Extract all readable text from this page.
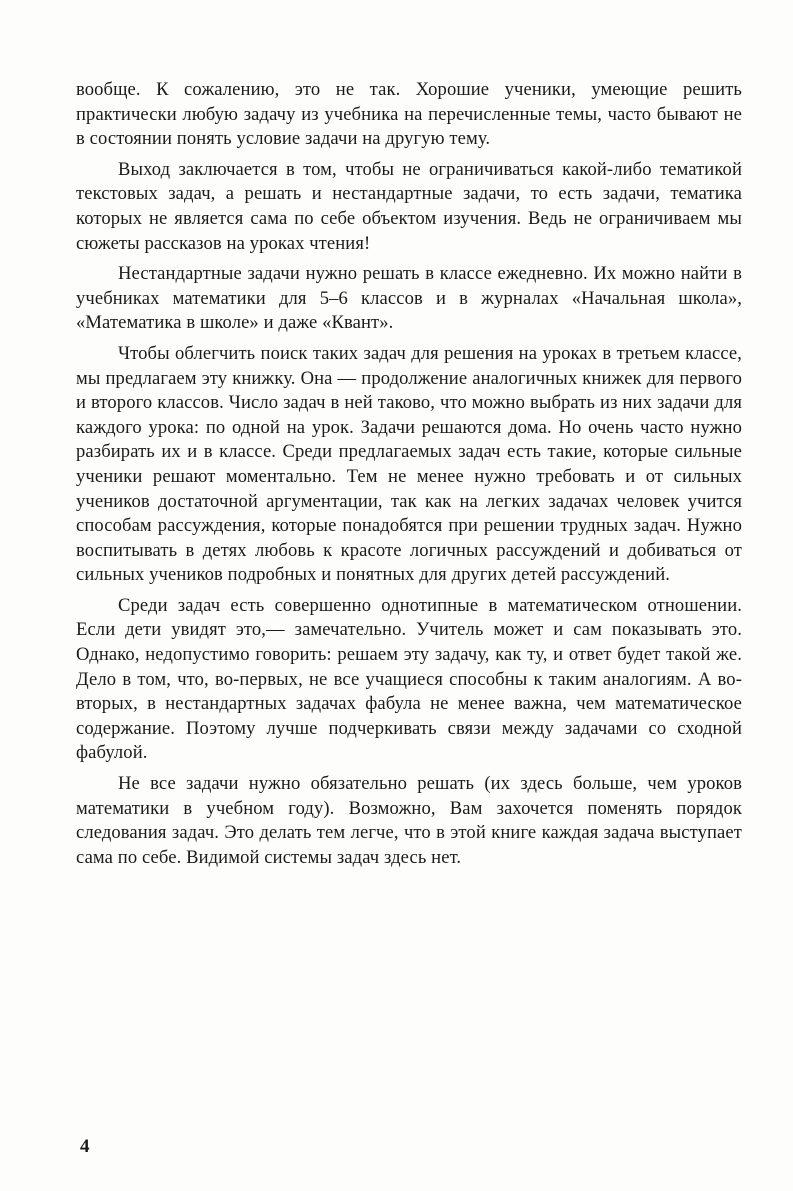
вообще. К сожалению, это не так. Хорошие ученики, умеющие решить практически любую задачу из учебника на перечисленные темы, часто бывают не в состоянии понять условие задачи на другую тему.

Выход заключается в том, чтобы не ограничиваться какой-либо тематикой текстовых задач, а решать и нестандартные задачи, то есть задачи, тематика которых не является сама по себе объектом изучения. Ведь не ограничиваем мы сюжеты рассказов на уроках чтения!

Нестандартные задачи нужно решать в классе ежедневно. Их можно найти в учебниках математики для 5–6 классов и в журналах «Начальная школа», «Математика в школе» и даже «Квант».

Чтобы облегчить поиск таких задач для решения на уроках в третьем классе, мы предлагаем эту книжку. Она — продолжение аналогичных книжек для первого и второго классов. Число задач в ней таково, что можно выбрать из них задачи для каждого урока: по одной на урок. Задачи решаются дома. Но очень часто нужно разбирать их и в классе. Среди предлагаемых задач есть такие, которые сильные ученики решают моментально. Тем не менее нужно требовать и от сильных учеников достаточной аргументации, так как на легких задачах человек учится способам рассуждения, которые понадобятся при решении трудных задач. Нужно воспитывать в детях любовь к красоте логичных рассуждений и добиваться от сильных учеников подробных и понятных для других детей рассуждений.

Среди задач есть совершенно однотипные в математическом отношении. Если дети увидят это,— замечательно. Учитель может и сам показывать это. Однако, недопустимо говорить: решаем эту задачу, как ту, и ответ будет такой же. Дело в том, что, во-первых, не все учащиеся способны к таким аналогиям. А во-вторых, в нестандартных задачах фабула не менее важна, чем математическое содержание. Поэтому лучше подчеркивать связи между задачами со сходной фабулой.

Не все задачи нужно обязательно решать (их здесь больше, чем уроков математики в учебном году). Возможно, Вам захочется поменять порядок следования задач. Это делать тем легче, что в этой книге каждая задача выступает сама по себе. Видимой системы задач здесь нет.

4
